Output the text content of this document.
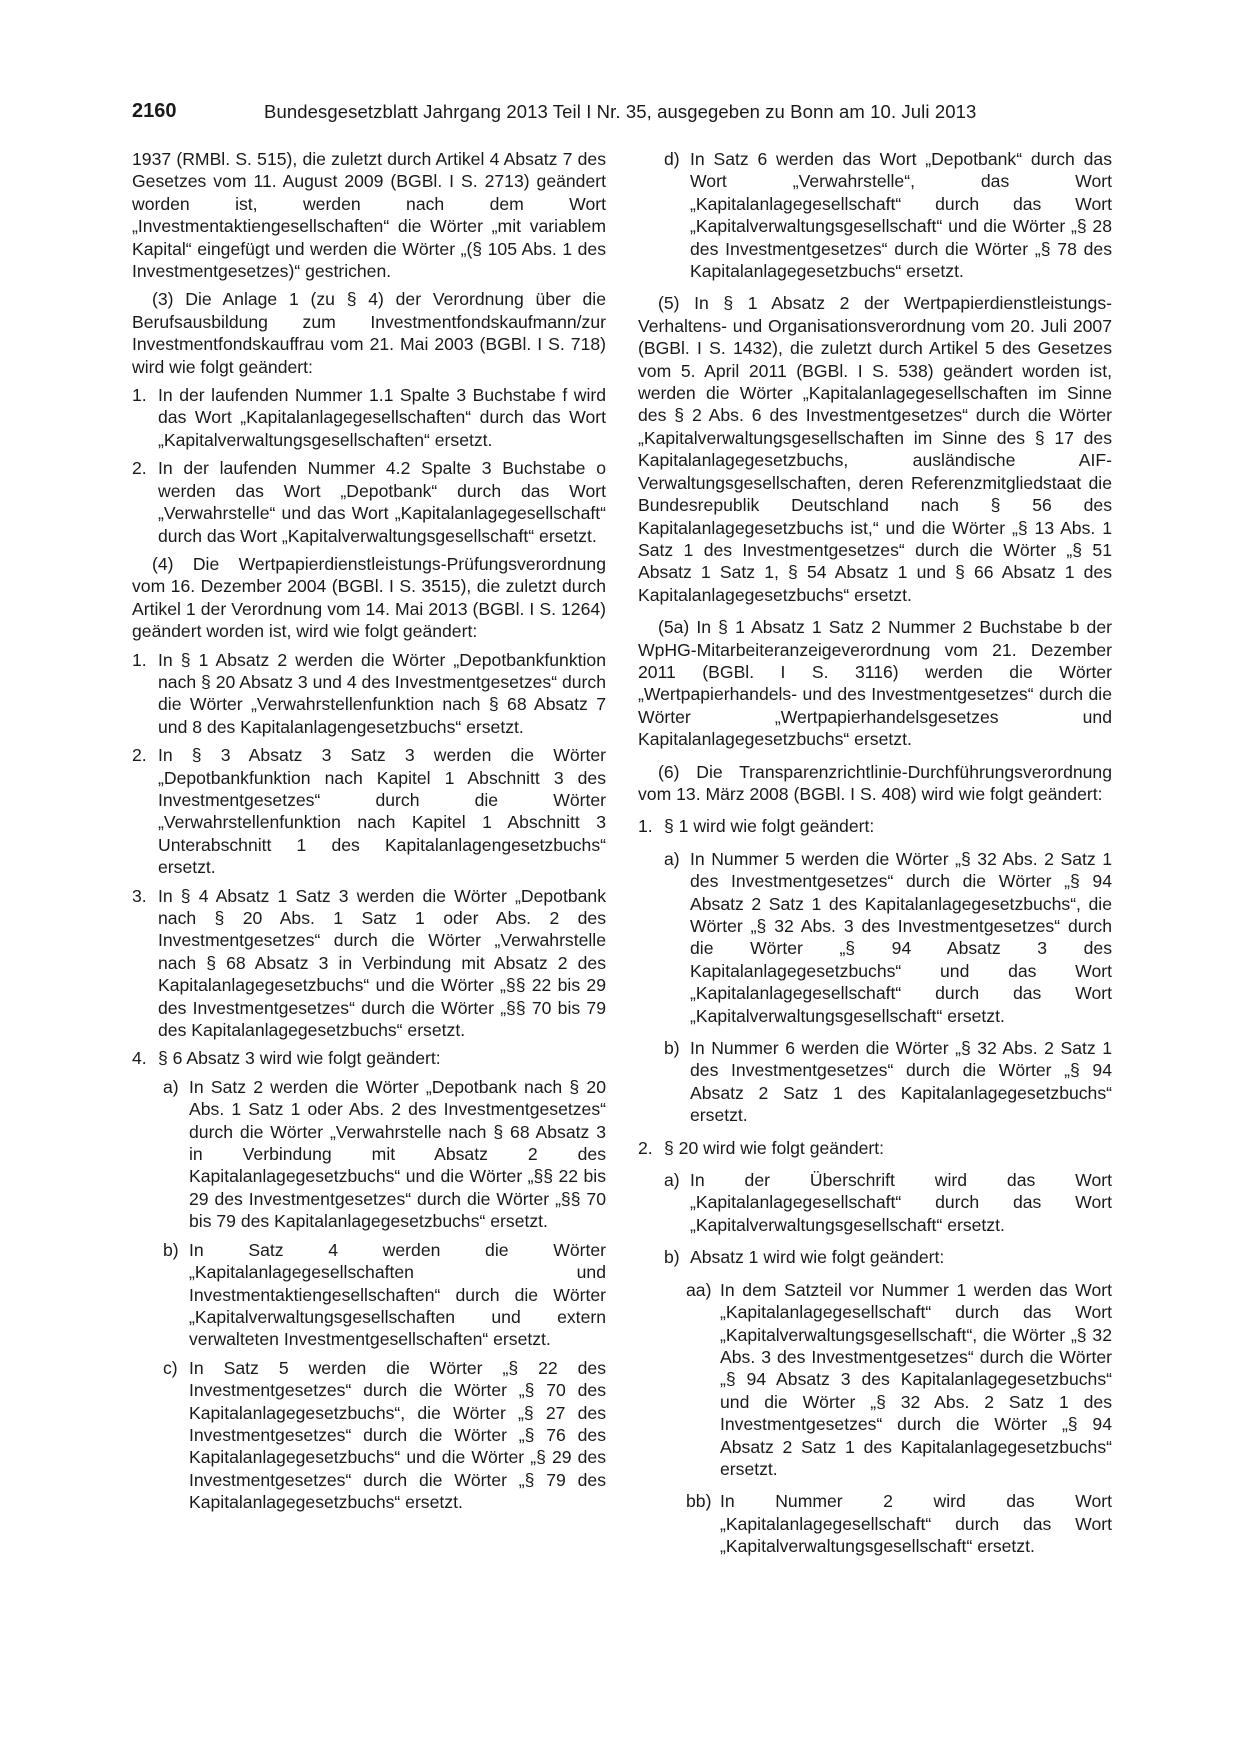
2160	Bundesgesetzblatt Jahrgang 2013 Teil I Nr. 35, ausgegeben zu Bonn am 10. Juli 2013

1937 (RMBl. S. 515), die zuletzt durch Artikel 4 Absatz 7 des Gesetzes vom 11. August 2009 (BGBl. I S. 2713) geändert worden ist, werden nach dem Wort „Investmentaktiengesellschaften“ die Wörter „mit variablem Kapital“ eingefügt und werden die Wörter „(§ 105 Abs. 1 des Investmentgesetzes)“ gestrichen.

(3) Die Anlage 1 (zu § 4) der Verordnung über die Berufsausbildung zum Investmentfondskaufmann/zur Investmentfondskauffrau vom 21. Mai 2003 (BGBl. I S. 718) wird wie folgt geändert:

1. In der laufenden Nummer 1.1 Spalte 3 Buchstabe f wird das Wort „Kapitalanlagegesellschaften“ durch das Wort „Kapitalverwaltungsgesellschaften“ ersetzt.
2. In der laufenden Nummer 4.2 Spalte 3 Buchstabe o werden das Wort „Depotbank“ durch das Wort „Verwahrstelle“ und das Wort „Kapitalanlagegesellschaft“ durch das Wort „Kapitalverwaltungsgesellschaft“ ersetzt.

(4) Die Wertpapierdienstleistungs-Prüfungsverordnung vom 16. Dezember 2004 (BGBl. I S. 3515), die zuletzt durch Artikel 1 der Verordnung vom 14. Mai 2013 (BGBl. I S. 1264) geändert worden ist, wird wie folgt geändert:

1. In § 1 Absatz 2 werden die Wörter „Depotbankfunktion nach § 20 Absatz 3 und 4 des Investmentgesetzes“ durch die Wörter „Verwahrstellenfunktion nach § 68 Absatz 7 und 8 des Kapitalanlagengesetzbuchs“ ersetzt.
2. In § 3 Absatz 3 Satz 3 werden die Wörter „Depotbankfunktion nach Kapitel 1 Abschnitt 3 des Investmentgesetzes“ durch die Wörter „Verwahrstellenfunktion nach Kapitel 1 Abschnitt 3 Unterabschnitt 1 des Kapitalanlagengesetzbuchs“ ersetzt.
3. In § 4 Absatz 1 Satz 3 werden die Wörter „Depotbank nach § 20 Abs. 1 Satz 1 oder Abs. 2 des Investmentgesetzes“ durch die Wörter „Verwahrstelle nach § 68 Absatz 3 in Verbindung mit Absatz 2 des Kapitalanlagegesetzbuchs“ und die Wörter „§§ 22 bis 29 des Investmentgesetzes“ durch die Wörter „§§ 70 bis 79 des Kapitalanlagegesetzbuchs“ ersetzt.
4. § 6 Absatz 3 wird wie folgt geändert:
a) In Satz 2 werden die Wörter „Depotbank nach § 20 Abs. 1 Satz 1 oder Abs. 2 des Investmentgesetzes“ durch die Wörter „Verwahrstelle nach § 68 Absatz 3 in Verbindung mit Absatz 2 des Kapitalanlagegesetzbuchs“ und die Wörter „§§ 22 bis 29 des Investmentgesetzes“ durch die Wörter „§§ 70 bis 79 des Kapitalanlagegesetzbuchs“ ersetzt.
b) In Satz 4 werden die Wörter „Kapitalanlagegesellschaften und Investmentaktiengesellschaften“ durch die Wörter „Kapitalverwaltungsgesellschaften und extern verwalteten Investmentgesellschaften“ ersetzt.
c) In Satz 5 werden die Wörter „§ 22 des Investmentgesetzes“ durch die Wörter „§ 70 des Kapitalanlagegesetzbuchs“, die Wörter „§ 27 des Investmentgesetzes“ durch die Wörter „§ 76 des Kapitalanlagegesetzbuchs“ und die Wörter „§ 29 des Investmentgesetzes“ durch die Wörter „§ 79 des Kapitalanlagegesetzbuchs“ ersetzt.
d) In Satz 6 werden das Wort „Depotbank“ durch das Wort „Verwahrstelle“, das Wort „Kapitalanlagegesellschaft“ durch das Wort „Kapitalverwaltungsgesellschaft“ und die Wörter „§ 28 des Investmentgesetzes“ durch die Wörter „§ 78 des Kapitalanlagegesetzbuchs“ ersetzt.

(5) In § 1 Absatz 2 der Wertpapierdienstleistungs-Verhaltens- und Organisationsverordnung vom 20. Juli 2007 (BGBl. I S. 1432), die zuletzt durch Artikel 5 des Gesetzes vom 5. April 2011 (BGBl. I S. 538) geändert worden ist, werden die Wörter „Kapitalanlagegesellschaften im Sinne des § 2 Abs. 6 des Investmentgesetzes“ durch die Wörter „Kapitalverwaltungsgesellschaften im Sinne des § 17 des Kapitalanlagegesetzbuchs, ausländische AIF-Verwaltungsgesellschaften, deren Referenzmitgliedstaat die Bundesrepublik Deutschland nach § 56 des Kapitalanlagegesetzbuchs ist,“ und die Wörter „§ 13 Abs. 1 Satz 1 des Investmentgesetzes“ durch die Wörter „§ 51 Absatz 1 Satz 1, § 54 Absatz 1 und § 66 Absatz 1 des Kapitalanlagegesetzbuchs“ ersetzt.

(5a) In § 1 Absatz 1 Satz 2 Nummer 2 Buchstabe b der WpHG-Mitarbeiteranzeigeverordnung vom 21. Dezember 2011 (BGBl. I S. 3116) werden die Wörter „Wertpapierhandels- und des Investmentgesetzes“ durch die Wörter „Wertpapierhandelsgesetzes und Kapitalanlagegesetzbuchs“ ersetzt.

(6) Die Transparenzrichtlinie-Durchführungsverordnung vom 13. März 2008 (BGBl. I S. 408) wird wie folgt geändert:

1. § 1 wird wie folgt geändert:
a) In Nummer 5 werden die Wörter „§ 32 Abs. 2 Satz 1 des Investmentgesetzes“ durch die Wörter „§ 94 Absatz 2 Satz 1 des Kapitalanlagegesetzbuchs“, die Wörter „§ 32 Abs. 3 des Investmentgesetzes“ durch die Wörter „§ 94 Absatz 3 des Kapitalanlagegesetzbuchs“ und das Wort „Kapitalanlagegesellschaft“ durch das Wort „Kapitalverwaltungsgesellschaft“ ersetzt.
b) In Nummer 6 werden die Wörter „§ 32 Abs. 2 Satz 1 des Investmentgesetzes“ durch die Wörter „§ 94 Absatz 2 Satz 1 des Kapitalanlagegesetzbuchs“ ersetzt.
2. § 20 wird wie folgt geändert:
a) In der Überschrift wird das Wort „Kapitalanlagegesellschaft“ durch das Wort „Kapitalverwaltungsgesellschaft“ ersetzt.
b) Absatz 1 wird wie folgt geändert:
aa) In dem Satzteil vor Nummer 1 werden das Wort „Kapitalanlagegesellschaft“ durch das Wort „Kapitalverwaltungsgesellschaft“, die Wörter „§ 32 Abs. 3 des Investmentgesetzes“ durch die Wörter „§ 94 Absatz 3 des Kapitalanlagegesetzbuchs“ und die Wörter „§ 32 Abs. 2 Satz 1 des Investmentgesetzes“ durch die Wörter „§ 94 Absatz 2 Satz 1 des Kapitalanlagegesetzbuchs“ ersetzt.
bb) In Nummer 2 wird das Wort „Kapitalanlagegesellschaft“ durch das Wort „Kapitalverwaltungsgesellschaft“ ersetzt.
